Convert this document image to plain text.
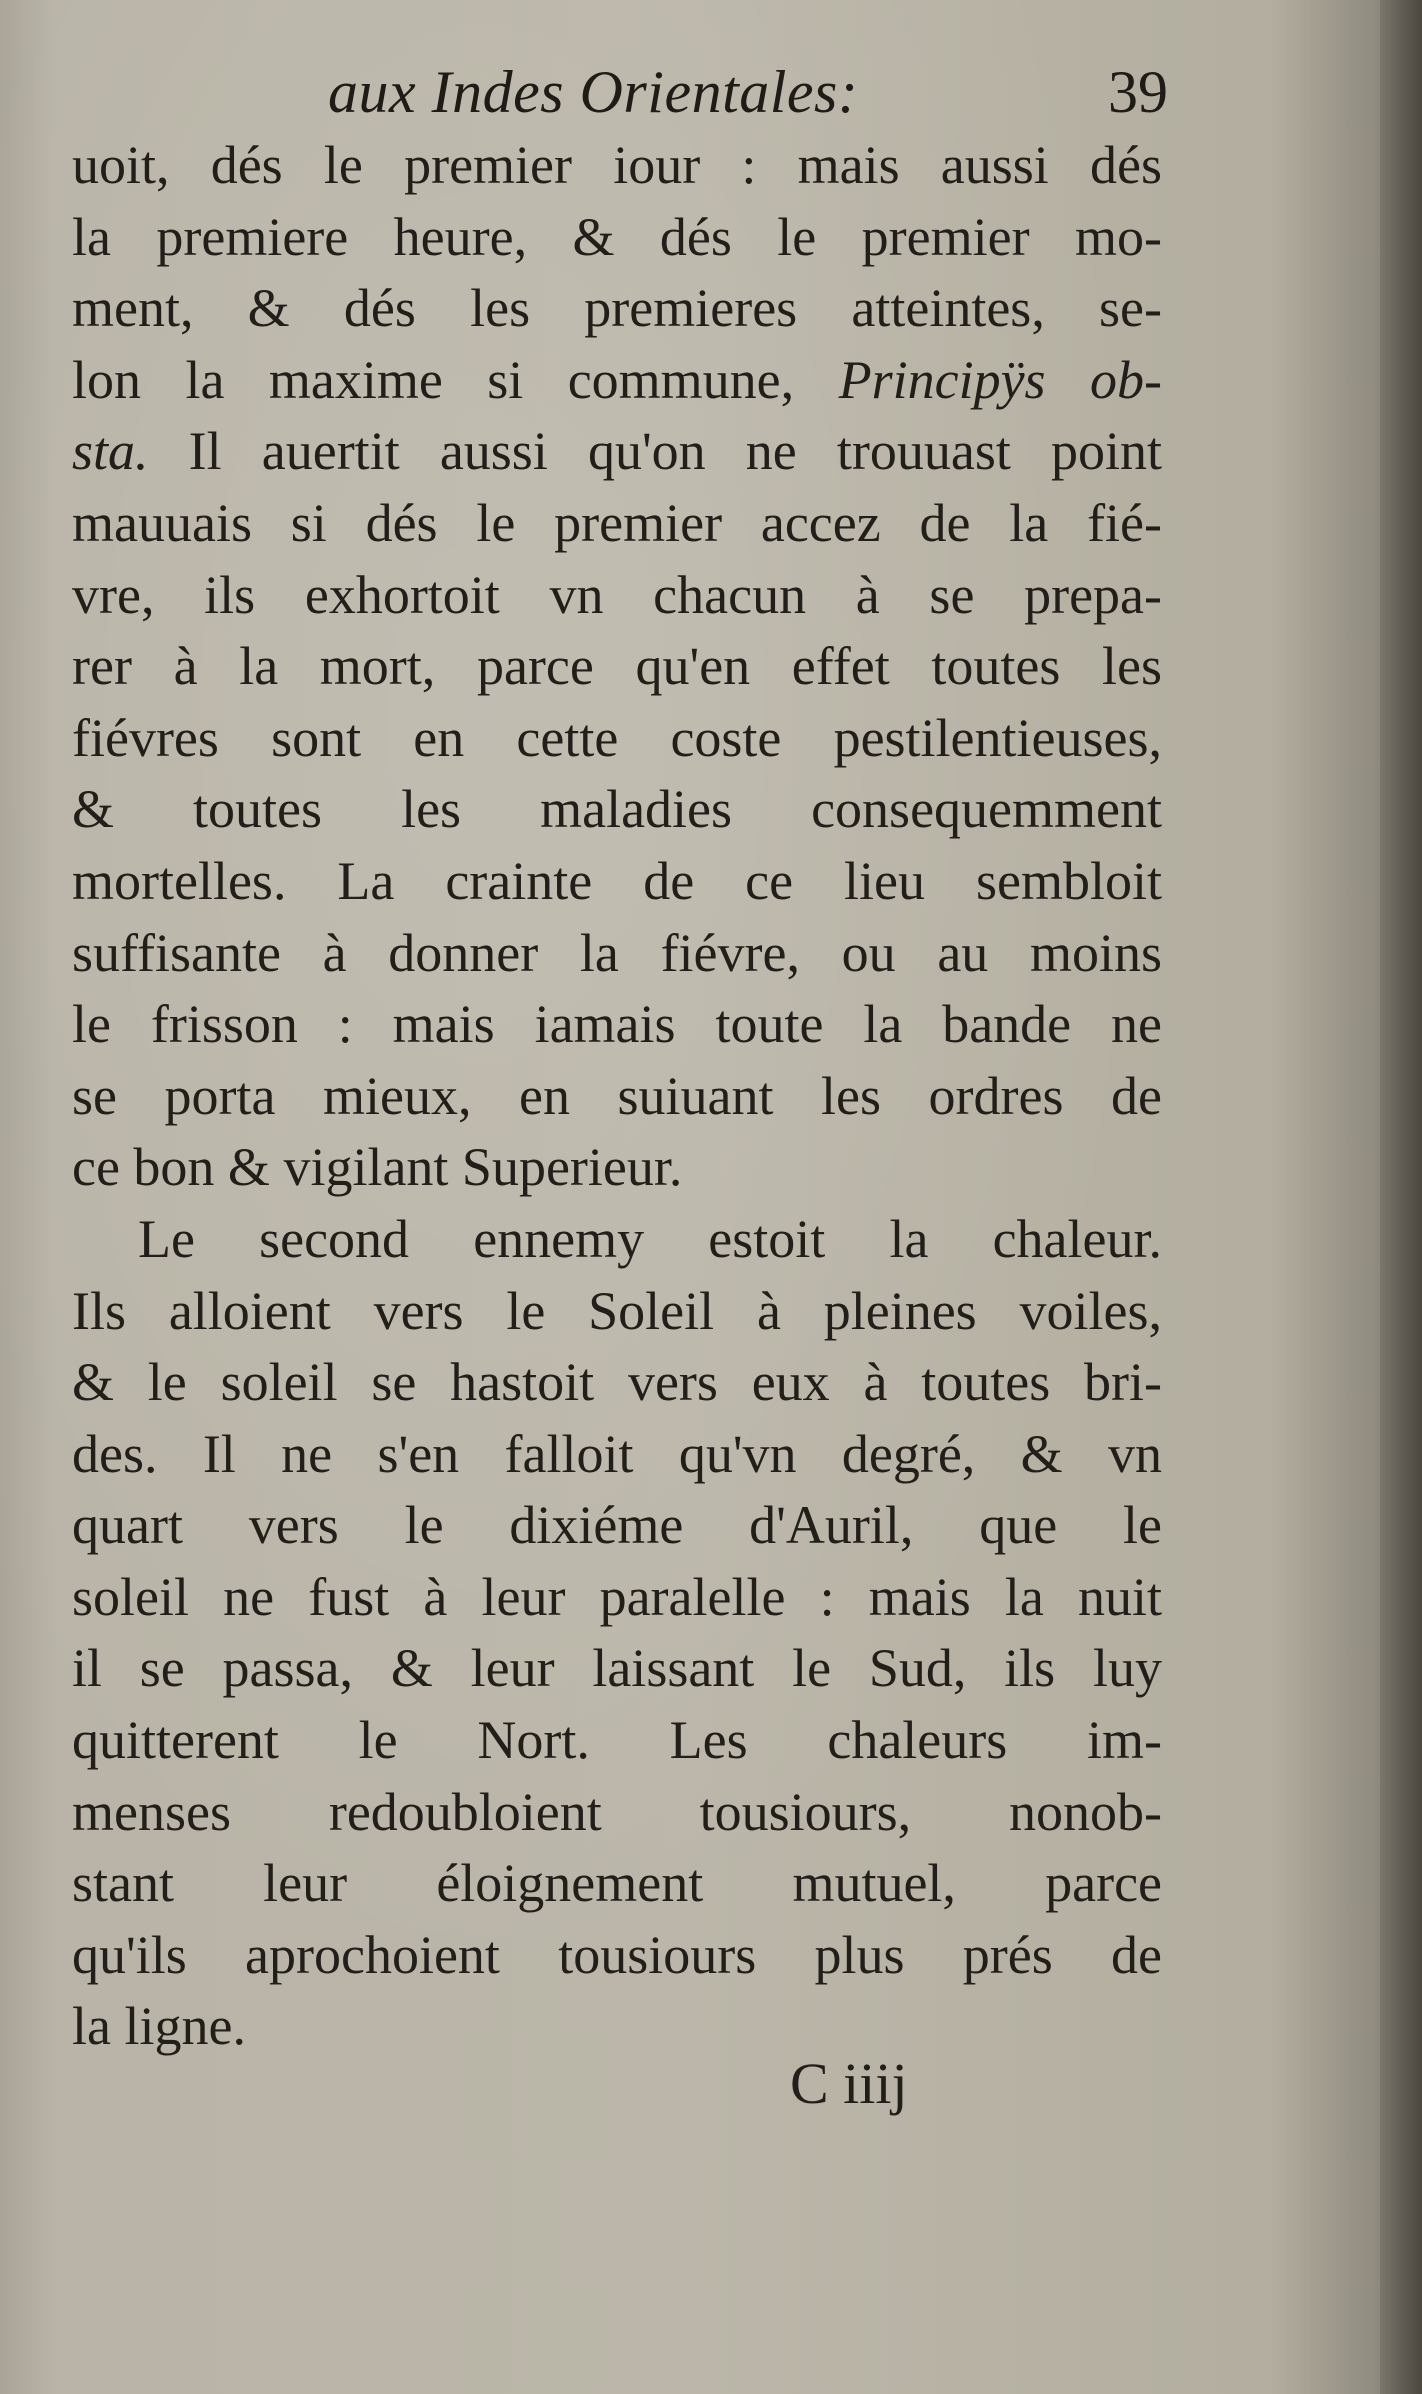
aux Indes Orientales:	39
uoit, dés le premier iour : mais aussi dés
la premiere heure, & dés le premier mo-
ment, & dés les premieres atteintes, se-
lon la maxime si commune, Principÿs ob-
sta. Il auertit aussi qu'on ne trouuast point
mauuais si dés le premier accez de la fié-
vre, ils exhortoit vn chacun à se prepa-
rer à la mort, parce qu'en effet toutes les
fiévres sont en cette coste pestilentieuses,
& toutes les maladies consequemment
mortelles. La crainte de ce lieu sembloit
suffisante à donner la fiévre, ou au moins
le frisson : mais iamais toute la bande ne
se porta mieux, en suiuant les ordres de
ce bon & vigilant Superieur.
Le second ennemy estoit la chaleur.
Ils alloient vers le Soleil à pleines voiles,
& le soleil se hastoit vers eux à toutes bri-
des. Il ne s'en falloit qu'vn degré, & vn
quart vers le dixiéme d'Auril, que le
soleil ne fust à leur paralelle : mais la nuit
il se passa, & leur laissant le Sud, ils luy
quitterent le Nort. Les chaleurs im-
menses redoubloient tousiours, nonob-
stant leur éloignement mutuel, parce
qu'ils aprochoient tousiours plus prés de
la ligne.
C iiij
